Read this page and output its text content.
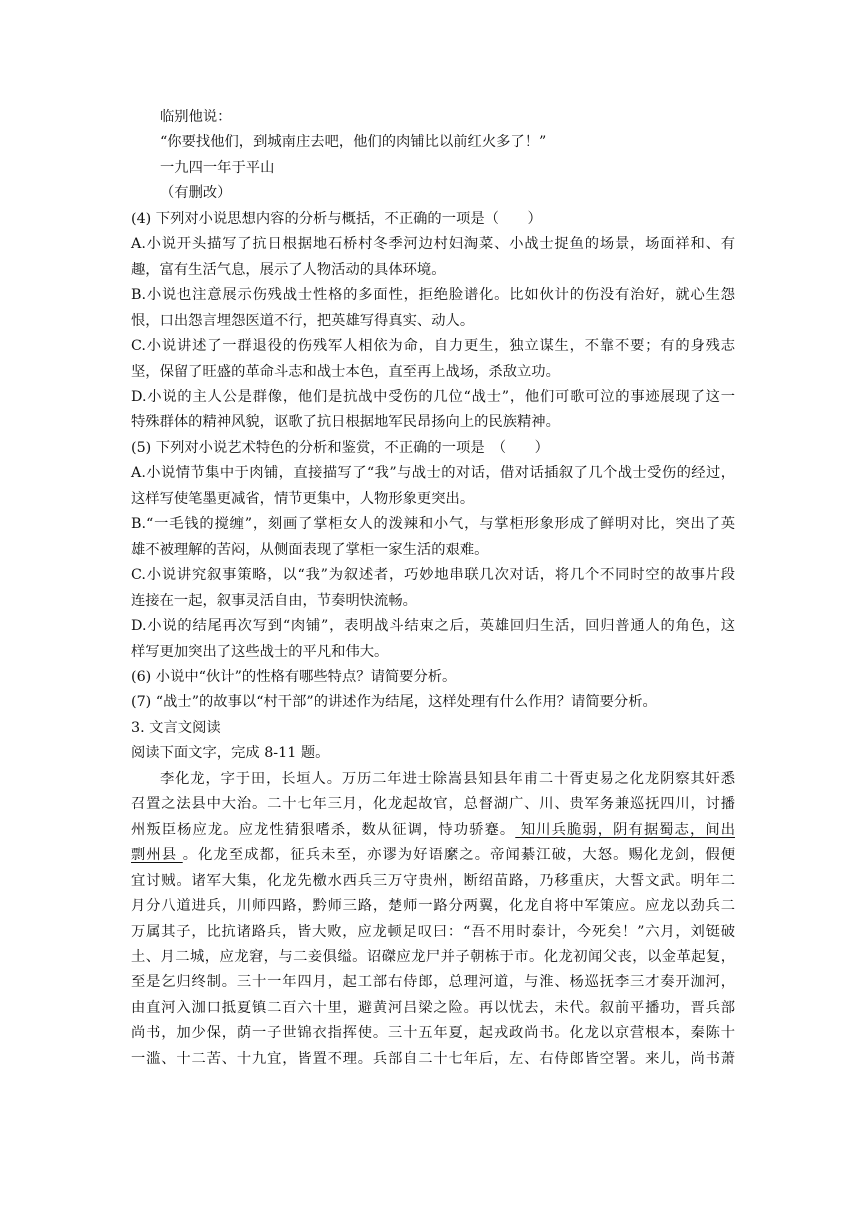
临别他说：
“你要找他们，到城南庄去吧，他们的肉铺比以前红火多了！”
一九四一年于平山
（有删改）
(4) 下列对小说思想内容的分析与概括，不正确的一项是（　　）
A.小说开头描写了抗日根据地石桥村冬季河边村妇淘菜、小战士捉鱼的场景，场面祥和、有
趣，富有生活气息，展示了人物活动的具体环境。
B.小说也注意展示伤残战士性格的多面性，拒绝脸谱化。比如伙计的伤没有治好，就心生怨
恨，口出怨言埋怨医道不行，把英雄写得真实、动人。
C.小说讲述了一群退役的伤残军人相依为命，自力更生，独立谋生，不靠不要；有的身残志
坚，保留了旺盛的革命斗志和战士本色，直至再上战场，杀敌立功。
D.小说的主人公是群像，他们是抗战中受伤的几位“战士”，他们可歌可泣的事迹展现了这一
特殊群体的精神风貌，讴歌了抗日根据地军民昂扬向上的民族精神。
(5) 下列对小说艺术特色的分析和鉴赏，不正确的一项是　（　　）
A.小说情节集中于肉铺，直接描写了“我”与战士的对话，借对话插叙了几个战士受伤的经过，
这样写使笔墨更减省，情节更集中，人物形象更突出。
B.“一毛钱的搅缠”，刻画了掌柜女人的泼辣和小气，与掌柜形象形成了鲜明对比，突出了英
雄不被理解的苦闷，从侧面表现了掌柜一家生活的艰难。
C.小说讲究叙事策略，以“我”为叙述者，巧妙地串联几次对话，将几个不同时空的故事片段
连接在一起，叙事灵活自由，节奏明快流畅。
D.小说的结尾再次写到“肉铺”，表明战斗结束之后，英雄回归生活，回归普通人的角色，这
样写更加突出了这些战士的平凡和伟大。
(6) 小说中“伙计”的性格有哪些特点？请简要分析。
(7) “战士”的故事以“村干部”的讲述作为结尾，这样处理有什么作用？请简要分析。
3. 文言文阅读
阅读下面文字，完成 8-11 题。
李化龙，字于田，长垣人。万历二年进士除嵩县知县年甫二十胥吏易之化龙阴察其奸悉
召置之法县中大治。二十七年三月，化龙起故官，总督湖广、川、贵军务兼巡抚四川，讨播
州叛臣杨应龙。应龙性猜狠嗜杀，数从征调，恃功骄蹇。 知川兵脆弱，阴有据蜀志，间出
剽州县 。化龙至成都，征兵未至，亦谬为好语縻之。帝闻綦江破，大怒。赐化龙剑，假便
宜讨贼。诸军大集，化龙先檄水西兵三万守贵州，断绍苗路，乃移重庆，大誓文武。明年二
月分八道进兵，川师四路，黔师三路，楚师一路分两翼，化龙自将中军策应。应龙以劲兵二
万属其子，比抗诸路兵，皆大败，应龙顿足叹曰：“吾不用时泰计，今死矣！”六月，刘铤破
土、月二城，应龙窘，与二妾俱缢。诏磔应龙尸并子朝栋于市。化龙初闻父丧，以金革起复，
至是乞归终制。三十一年四月，起工部右侍郎，总理河道，与淮、杨巡抚李三才奏开泇河，
由直河入泇口抵夏镇二百六十里，避黄河吕梁之险。再以忧去，未代。叙前平播功，晋兵部
尚书，加少保，荫一子世锦衣指挥使。三十五年夏，起戎政尚书。化龙以京营根本，秦陈十
一滥、十二苦、十九宜，皆置不理。兵部自二十七年后，左、右侍郎皆空署。来儿，尚书萧
